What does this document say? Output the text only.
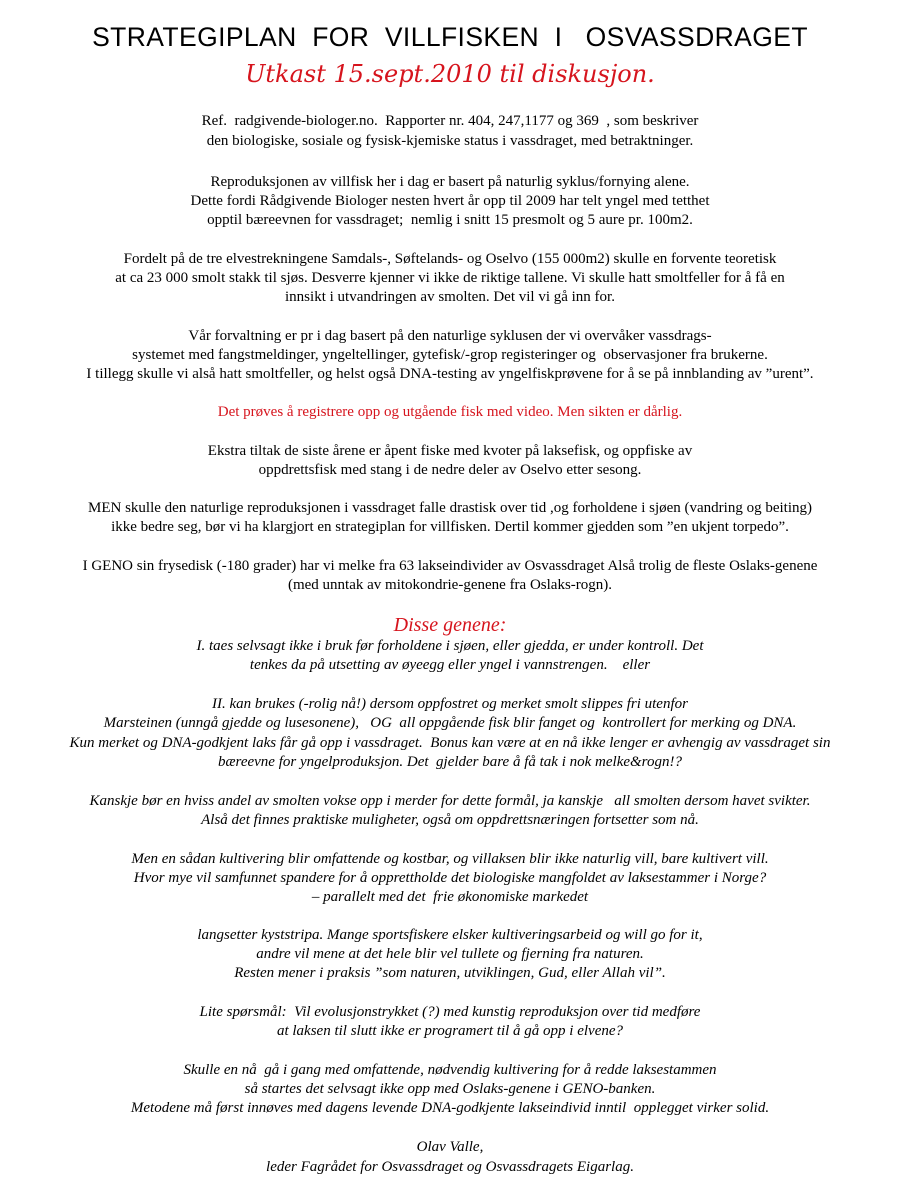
STRATEGIPLAN  FOR  VILLFISKEN  I   OSVASSDRAGET
Utkast 15.sept.2010 til diskusjon.
Ref.  radgivende-biologer.no.  Rapporter nr. 404, 247,1177 og 369  , som beskriver
den biologiske, sosiale og fysisk-kjemiske status i vassdraget, med betraktninger.
Reproduksjonen av villfisk her i dag er basert på naturlig syklus/fornying alene.
Dette fordi Rådgivende Biologer nesten hvert år opp til 2009 har telt yngel med tetthet
opptil bæreevnen for vassdraget;  nemlig i snitt 15 presmolt og 5 aure pr. 100m2.
Fordelt på de tre elvestrekningene Samdals-, Søftelands- og Oselvo (155 000m2) skulle en forvente teoretisk
at ca 23 000 smolt stakk til sjøs. Desverre kjenner vi ikke de riktige tallene. Vi skulle hatt smoltfeller for å få en
innsikt i utvandringen av smolten. Det vil vi gå inn for.
Vår forvaltning er pr i dag basert på den naturlige syklusen der vi overvåker vassdrags-
systemet med fangstmeldinger, yngeltellinger, gytefisk/-grop registeringer og  observasjoner fra brukerne.
I tillegg skulle vi alså hatt smoltfeller, og helst også DNA-testing av yngelfiskprøvene for å se på innblanding av ”urent”.
Det prøves å registrere opp og utgående fisk med video. Men sikten er dårlig.
Ekstra tiltak de siste årene er åpent fiske med kvoter på laksefisk, og oppfiske av
oppdrettsfisk med stang i de nedre deler av Oselvo etter sesong.
MEN skulle den naturlige reproduksjonen i vassdraget falle drastisk over tid ,og forholdene i sjøen (vandring og beiting)
ikke bedre seg, bør vi ha klargjort en strategiplan for villfisken. Dertil kommer gjedden som ”en ukjent torpedo”.
I GENO sin frysedisk (-180 grader) har vi melke fra 63 lakseindivider av Osvassdraget Alså trolig de fleste Oslaks-genene
(med unntak av mitokondrie-genene fra Oslaks-rogn).
Disse genene:
I. taes selvsagt ikke i bruk før forholdene i sjøen, eller gjedda, er under kontroll. Det
tenkes da på utsetting av øyeegg eller yngel i vannstrengen.    eller
II. kan brukes (-rolig nå!) dersom oppfostret og merket smolt slippes fri utenfor
Marsteinen (unngå gjedde og lusesonene),   OG  all oppgående fisk blir fanget og  kontrollert for merking og DNA.
Kun merket og DNA-godkjent laks får gå opp i vassdraget.  Bonus kan være at en nå ikke lenger er avhengig av vassdraget sin
bæreevne for yngelproduksjon. Det  gjelder bare å få tak i nok melke&rogn!?
Kanskje bør en hviss andel av smolten vokse opp i merder for dette formål, ja kanskje   all smolten dersom havet svikter.
Alså det finnes praktiske muligheter, også om oppdrettsnæringen fortsetter som nå.
Men en sådan kultivering blir omfattende og kostbar, og villaksen blir ikke naturlig vill, bare kultivert vill.
Hvor mye vil samfunnet spandere for å opprettholde det biologiske mangfoldet av laksestammer i Norge?
– parallelt med det  frie økonomiske markedet
langsetter kyststripa. Mange sportsfiskere elsker kultiveringsarbeid og will go for it,
andre vil mene at det hele blir vel tullete og fjerning fra naturen.
Resten mener i praksis ”som naturen, utviklingen, Gud, eller Allah vil”.
Lite spørsmål:  Vil evolusjonstrykket (?) med kunstig reproduksjon over tid medføre
at laksen til slutt ikke er programert til å gå opp i elvene?
Skulle en nå  gå i gang med omfattende, nødvendig kultivering for å redde laksestammen
så startes det selvsagt ikke opp med Oslaks-genene i GENO-banken.
Metodene må først innøves med dagens levende DNA-godkjente lakseindivid inntil  opplegget virker solid.
Olav Valle,
leder Fagrådet for Osvassdraget og Osvassdragets Eigarlag.
